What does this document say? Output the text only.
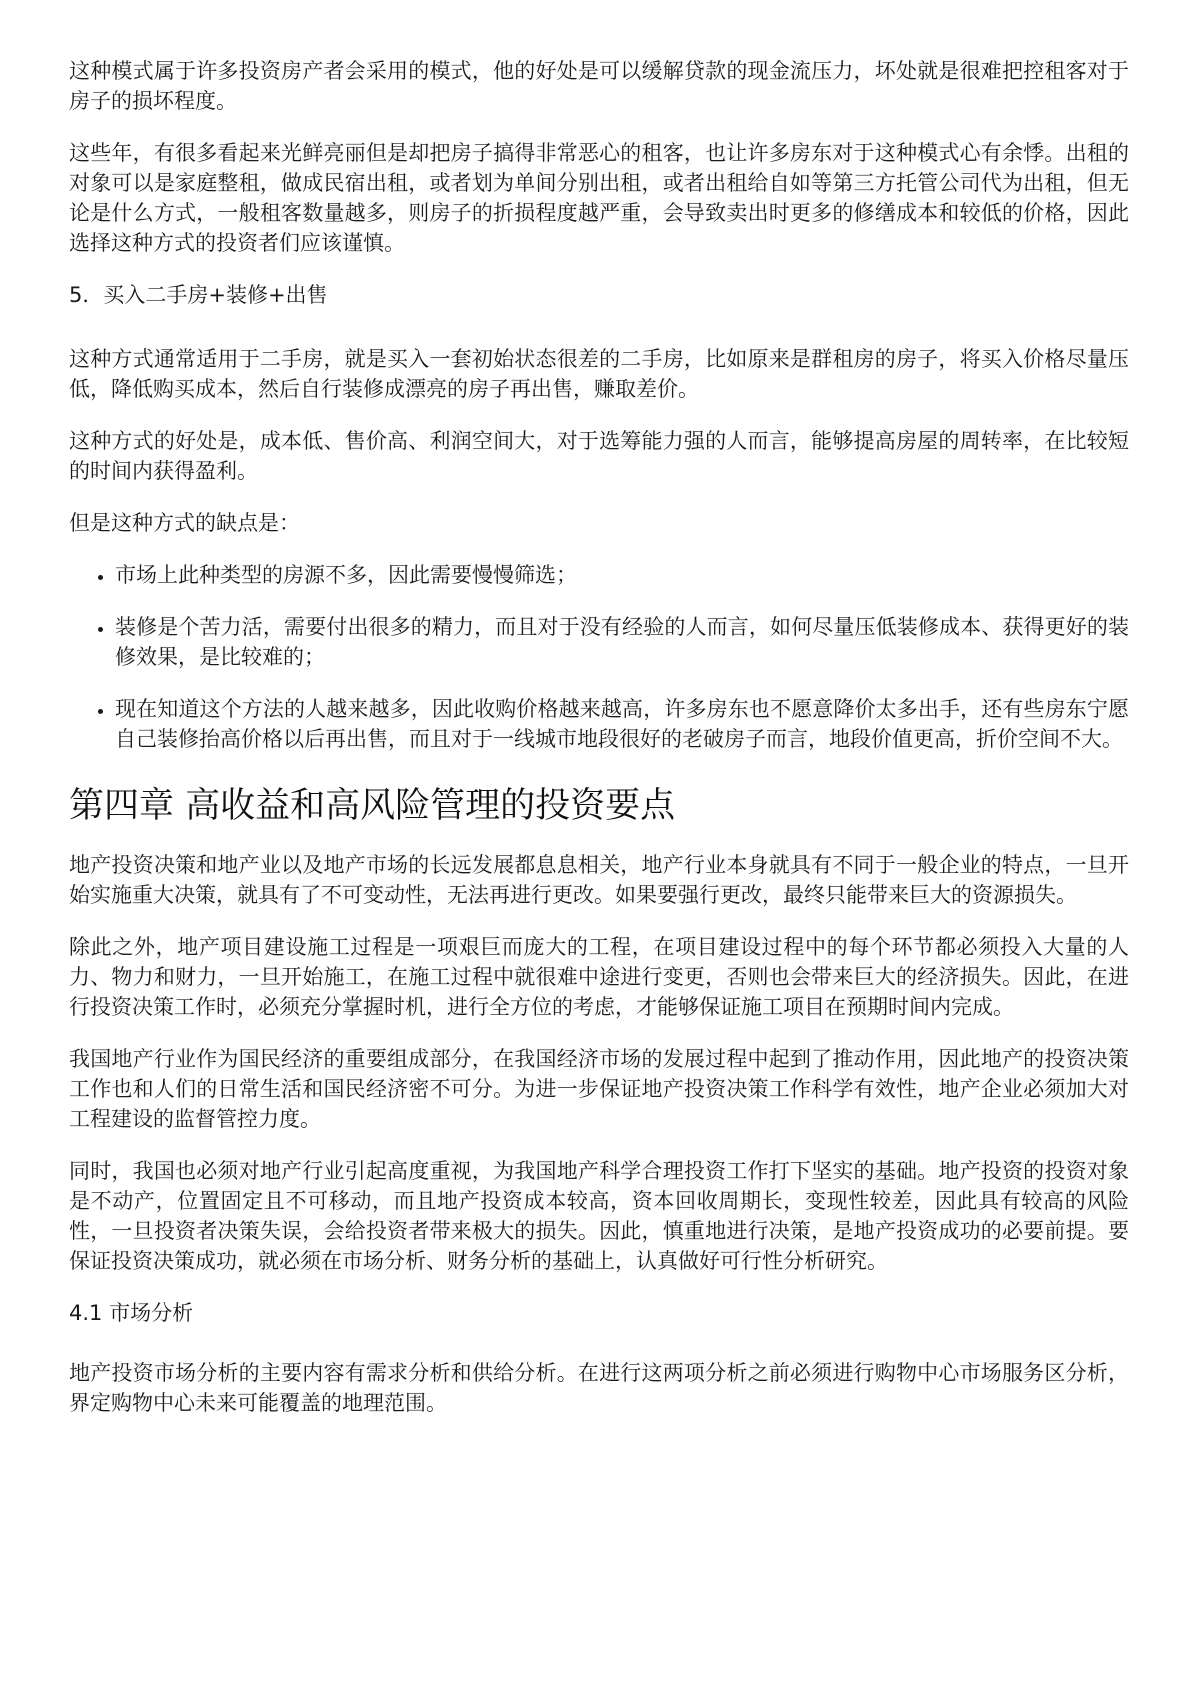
这种模式属于许多投资房产者会采用的模式，他的好处是可以缓解贷款的现金流压力，坏处就是很难把控租客对于房子的损坏程度。

这些年，有很多看起来光鲜亮丽但是却把房子搞得非常恶心的租客，也让许多房东对于这种模式心有余悸。出租的对象可以是家庭整租，做成民宿出租，或者划为单间分别出租，或者出租给自如等第三方托管公司代为出租，但无论是什么方式，一般租客数量越多，则房子的折损程度越严重，会导致卖出时更多的修缮成本和较低的价格，因此选择这种方式的投资者们应该谨慎。

5．买入二手房+装修+出售

这种方式通常适用于二手房，就是买入一套初始状态很差的二手房，比如原来是群租房的房子，将买入价格尽量压低，降低购买成本，然后自行装修成漂亮的房子再出售，赚取差价。

这种方式的好处是，成本低、售价高、利润空间大，对于选筹能力强的人而言，能够提高房屋的周转率，在比较短的时间内获得盈利。

但是这种方式的缺点是：

• 市场上此种类型的房源不多，因此需要慢慢筛选；
• 装修是个苦力活，需要付出很多的精力，而且对于没有经验的人而言，如何尽量压低装修成本、获得更好的装修效果，是比较难的；
• 现在知道这个方法的人越来越多，因此收购价格越来越高，许多房东也不愿意降价太多出手，还有些房东宁愿自己装修抬高价格以后再出售，而且对于一线城市地段很好的老破房子而言，地段价值更高，折价空间不大。
第四章 高收益和高风险管理的投资要点

地产投资决策和地产业以及地产市场的长远发展都息息相关，地产行业本身就具有不同于一般企业的特点，一旦开始实施重大决策，就具有了不可变动性，无法再进行更改。如果要强行更改，最终只能带来巨大的资源损失。

除此之外，地产项目建设施工过程是一项艰巨而庞大的工程，在项目建设过程中的每个环节都必须投入大量的人力、物力和财力，一旦开始施工，在施工过程中就很难中途进行变更，否则也会带来巨大的经济损失。因此，在进行投资决策工作时，必须充分掌握时机，进行全方位的考虑，才能够保证施工项目在预期时间内完成。

我国地产行业作为国民经济的重要组成部分，在我国经济市场的发展过程中起到了推动作用，因此地产的投资决策工作也和人们的日常生活和国民经济密不可分。为进一步保证地产投资决策工作科学有效性，地产企业必须加大对工程建设的监督管控力度。

同时，我国也必须对地产行业引起高度重视，为我国地产科学合理投资工作打下坚实的基础。地产投资的投资对象是不动产，位置固定且不可移动，而且地产投资成本较高，资本回收周期长，变现性较差，因此具有较高的风险性，一旦投资者决策失误，会给投资者带来极大的损失。因此，慎重地进行决策，是地产投资成功的必要前提。要保证投资决策成功，就必须在市场分析、财务分析的基础上，认真做好可行性分析研究。

4.1 市场分析

地产投资市场分析的主要内容有需求分析和供给分析。在进行这两项分析之前必须进行购物中心市场服务区分析，界定购物中心未来可能覆盖的地理范围。
